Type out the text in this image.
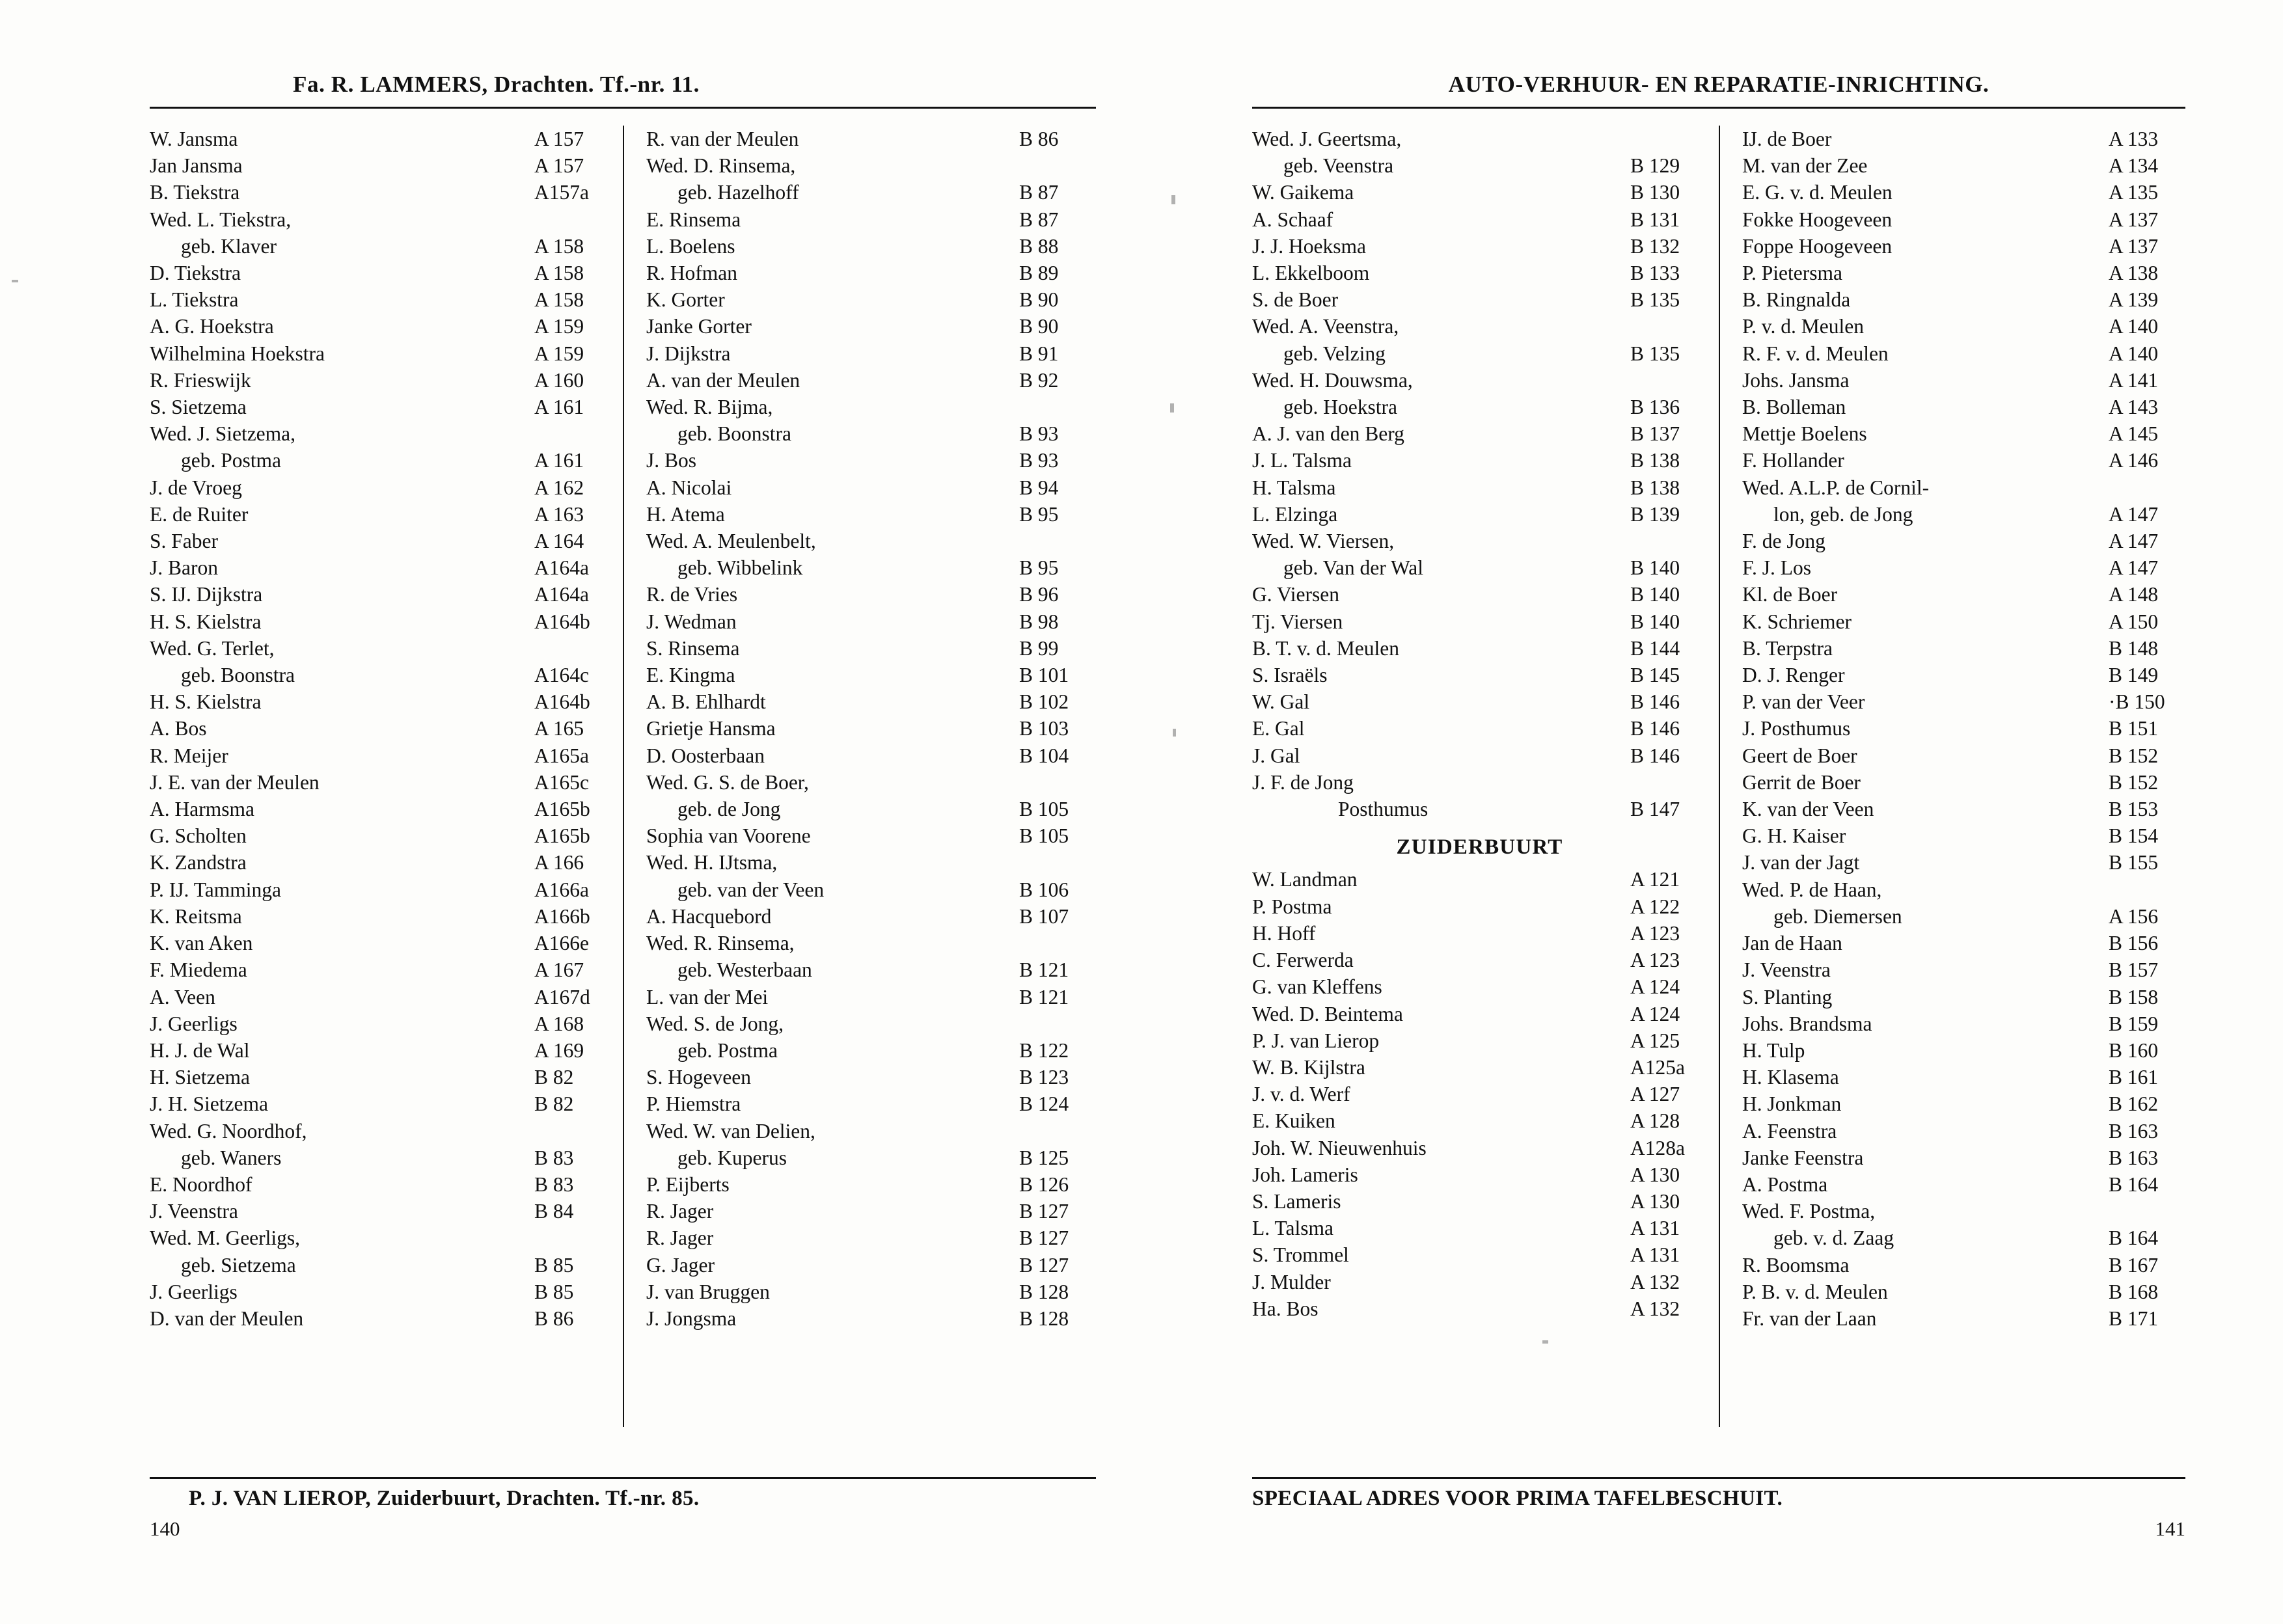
Fa. R. LAMMERS, Drachten. Tf.-nr. 11.
W. Jansma	A 157
Jan Jansma	A 157
B. Tiekstra	A157a
Wed. L. Tiekstra,
geb. Klaver	A 158
D. Tiekstra	A 158
L. Tiekstra	A 158
A. G. Hoekstra	A 159
Wilhelmina Hoekstra	A 159
R. Frieswijk	A 160
S. Sietzema	A 161
Wed. J. Sietzema,
geb. Postma	A 161
J. de Vroeg	A 162
E. de Ruiter	A 163
S. Faber	A 164
J. Baron	A164a
S. IJ. Dijkstra	A164a
H. S. Kielstra	A164b
Wed. G. Terlet,
geb. Boonstra	A164c
H. S. Kielstra	A164b
A. Bos	A 165
R. Meijer	A165a
J. E. van der Meulen	A165c
A. Harmsma	A165b
G. Scholten	A165b
K. Zandstra	A 166
P. IJ. Tamminga	A166a
K. Reitsma	A166b
K. van Aken	A166e
F. Miedema	A 167
A. Veen	A167d
J. Geerligs	A 168
H. J. de Wal	A 169
H. Sietzema	B 82
J. H. Sietzema	B 82
Wed. G. Noordhof,
geb. Waners	B 83
E. Noordhof	B 83
J. Veenstra	B 84
Wed. M. Geerligs,
geb. Sietzema	B 85
J. Geerligs	B 85
D. van der Meulen	B 86
R. van der Meulen	B 86
Wed. D. Rinsema,
geb. Hazelhoff	B 87
E. Rinsema	B 87
L. Boelens	B 88
R. Hofman	B 89
K. Gorter	B 90
Janke Gorter	B 90
J. Dijkstra	B 91
A. van der Meulen	B 92
Wed. R. Bijma,
geb. Boonstra	B 93
J. Bos	B 93
A. Nicolai	B 94
H. Atema	B 95
Wed. A. Meulenbelt,
geb. Wibbelink	B 95
R. de Vries	B 96
J. Wedman	B 98
S. Rinsema	B 99
E. Kingma	B 101
A. B. Ehlhardt	B 102
Grietje Hansma	B 103
D. Oosterbaan	B 104
Wed. G. S. de Boer,
geb. de Jong	B 105
Sophia van Voorene	B 105
Wed. H. IJtsma,
geb. van der Veen	B 106
A. Hacquebord	B 107
Wed. R. Rinsema,
geb. Westerbaan	B 121
L. van der Mei	B 121
Wed. S. de Jong,
geb. Postma	B 122
S. Hogeveen	B 123
P. Hiemstra	B 124
Wed. W. van Delien,
geb. Kuperus	B 125
P. Eijberts	B 126
R. Jager	B 127
R. Jager	B 127
G. Jager	B 127
J. van Bruggen	B 128
J. Jongsma	B 128
P. J. VAN LIEROP, Zuiderbuurt, Drachten. Tf.-nr. 85.
140
AUTO-VERHUUR- EN REPARATIE-INRICHTING.
Wed. J. Geertsma,
geb. Veenstra	B 129
W. Gaikema	B 130
A. Schaaf	B 131
J. J. Hoeksma	B 132
L. Ekkelboom	B 133
S. de Boer	B 135
Wed. A. Veenstra,
geb. Velzing	B 135
Wed. H. Douwsma,
geb. Hoekstra	B 136
A. J. van den Berg	B 137
J. L. Talsma	B 138
H. Talsma	B 138
L. Elzinga	B 139
Wed. W. Viersen,
geb. Van der Wal	B 140
G. Viersen	B 140
Tj. Viersen	B 140
B. T. v. d. Meulen	B 144
S. Israëls	B 145
W. Gal	B 146
E. Gal	B 146
J. Gal	B 146
J. F. de Jong
Posthumus	B 147
ZUIDERBUURT
W. Landman	A 121
P. Postma	A 122
H. Hoff	A 123
C. Ferwerda	A 123
G. van Kleffens	A 124
Wed. D. Beintema	A 124
P. J. van Lierop	A 125
W. B. Kijlstra	A125a
J. v. d. Werf	A 127
E. Kuiken	A 128
Joh. W. Nieuwenhuis	A128a
Joh. Lameris	A 130
S. Lameris	A 130
L. Talsma	A 131
S. Trommel	A 131
J. Mulder	A 132
Ha. Bos	A 132
IJ. de Boer	A 133
M. van der Zee	A 134
E. G. v. d. Meulen	A 135
Fokke Hoogeveen	A 137
Foppe Hoogeveen	A 137
P. Pietersma	A 138
B. Ringnalda	A 139
P. v. d. Meulen	A 140
R. F. v. d. Meulen	A 140
Johs. Jansma	A 141
B. Bolleman	A 143
Mettje Boelens	A 145
F. Hollander	A 146
Wed. A.L.P. de Cornil-
lon, geb. de Jong	A 147
F. de Jong	A 147
F. J. Los	A 147
Kl. de Boer	A 148
K. Schriemer	A 150
B. Terpstra	B 148
D. J. Renger	B 149
P. van der Veer	·B 150
J. Posthumus	B 151
Geert de Boer	B 152
Gerrit de Boer	B 152
K. van der Veen	B 153
G. H. Kaiser	B 154
J. van der Jagt	B 155
Wed. P. de Haan,
geb. Diemersen	A 156
Jan de Haan	B 156
J. Veenstra	B 157
S. Planting	B 158
Johs. Brandsma	B 159
H. Tulp	B 160
H. Klasema	B 161
H. Jonkman	B 162
A. Feenstra	B 163
Janke Feenstra	B 163
A. Postma	B 164
Wed. F. Postma,
geb. v. d. Zaag	B 164
R. Boomsma	B 167
P. B. v. d. Meulen	B 168
Fr. van der Laan	B 171
SPECIAAL ADRES VOOR PRIMA TAFELBESCHUIT.
141
